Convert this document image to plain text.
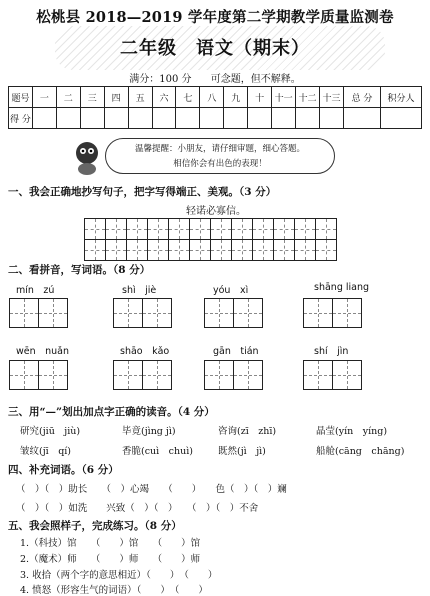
松桃县 2018—2019 学年度第二学期教学质量监测卷
二年级　语文（期末）
满分：100 分 可念题，但不解释。
题号	一	二	三	四	五	六	七	八	九	十	十一	十二	十三	总 分	积分人
得 分															
温馨提醒：小朋友，请仔细审题，细心答题。
相信你会有出色的表现！
一、我会正确地抄写句子，把字写得端正、美观。（3 分）
轻诺必寡信。
二、看拼音，写词语。（8 分）
mín　zú	shì　jiè	yóu　xì	shāng liang
wēn　nuǎn	shāo　kǎo	gān　tián	shí　jìn
三、用“—”划出加点字正确的读音。（4 分）
研究(jiū　jiù)	毕竟(jìng jì)	咨询(zī　zhī)	晶莹(yín　yíng)
皱纹(jī　qí)	香脆(cuì　chuì)	既然(jì　jì)	船舱(cāng　chāng)
四、补充词语。（6 分）
（　）（　）助长　　（　）心竭　　（　　）　　色（　）（　）斓
（　）（　）如洗　　兴致（　）（　）　　（　）（　）不舍
五、我会照样子，完成练习。（8 分）
1.（科技）馆　　（　　）馆　　（　　）馆
2.（魔术）师　　（　　）师　　（　　）师
3. 收拾（两个字的意思相近）（　　）　（　　）
4. 愤怒（形容生气的词语）（　　）　（　　）
